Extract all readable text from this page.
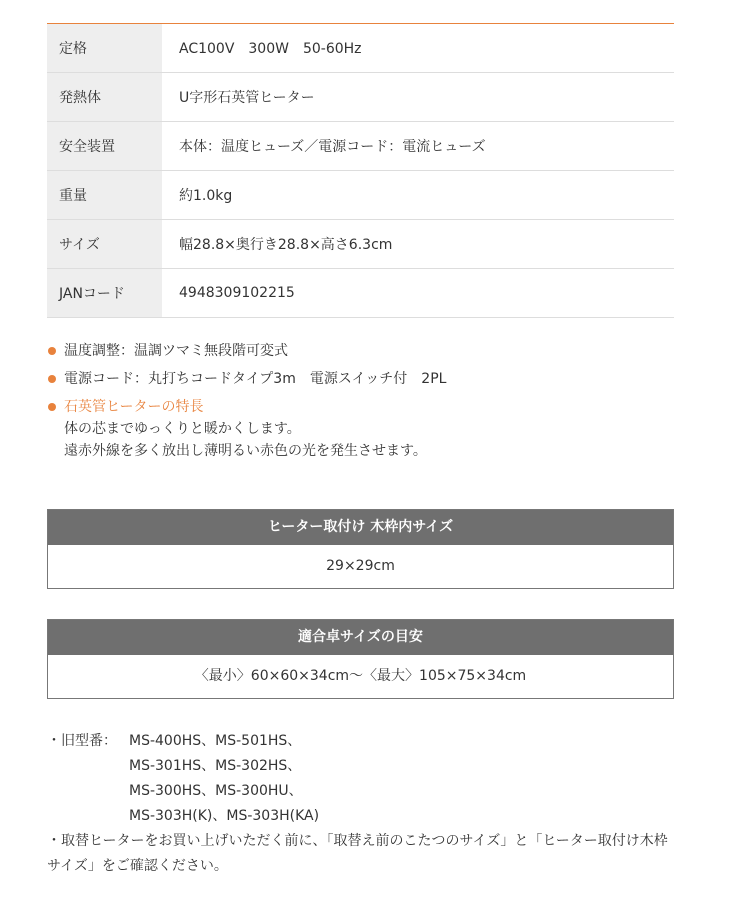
定格	AC100V　300W　50-60Hz
発熱体	U字形石英管ヒーター
安全装置	本体：温度ヒューズ／電源コード：電流ヒューズ
重量	約1.0kg
サイズ	幅28.8×奥行き28.8×高さ6.3cm
JANコード	4948309102215
温度調整：温調ツマミ無段階可変式
電源コード：丸打ちコードタイプ3m　電源スイッチ付　2PL
石英管ヒーターの特長
体の芯までゆっくりと暖かくします。
遠赤外線を多く放出し薄明るい赤色の光を発生させます。
ヒーター取付け 木枠内サイズ
29×29cm
適合卓サイズの目安
〈最小〉60×60×34cm〜〈最大〉105×75×34cm
・旧型番： MS-400HS、MS-501HS、
MS-301HS、MS-302HS、
MS-300HS、MS-300HU、
MS-303H(K)、MS-303H(KA)
・取替ヒーターをお買い上げいただく前に、「取替え前のこたつのサイズ」と「ヒーター取付け木枠サイズ」をご確認ください。
